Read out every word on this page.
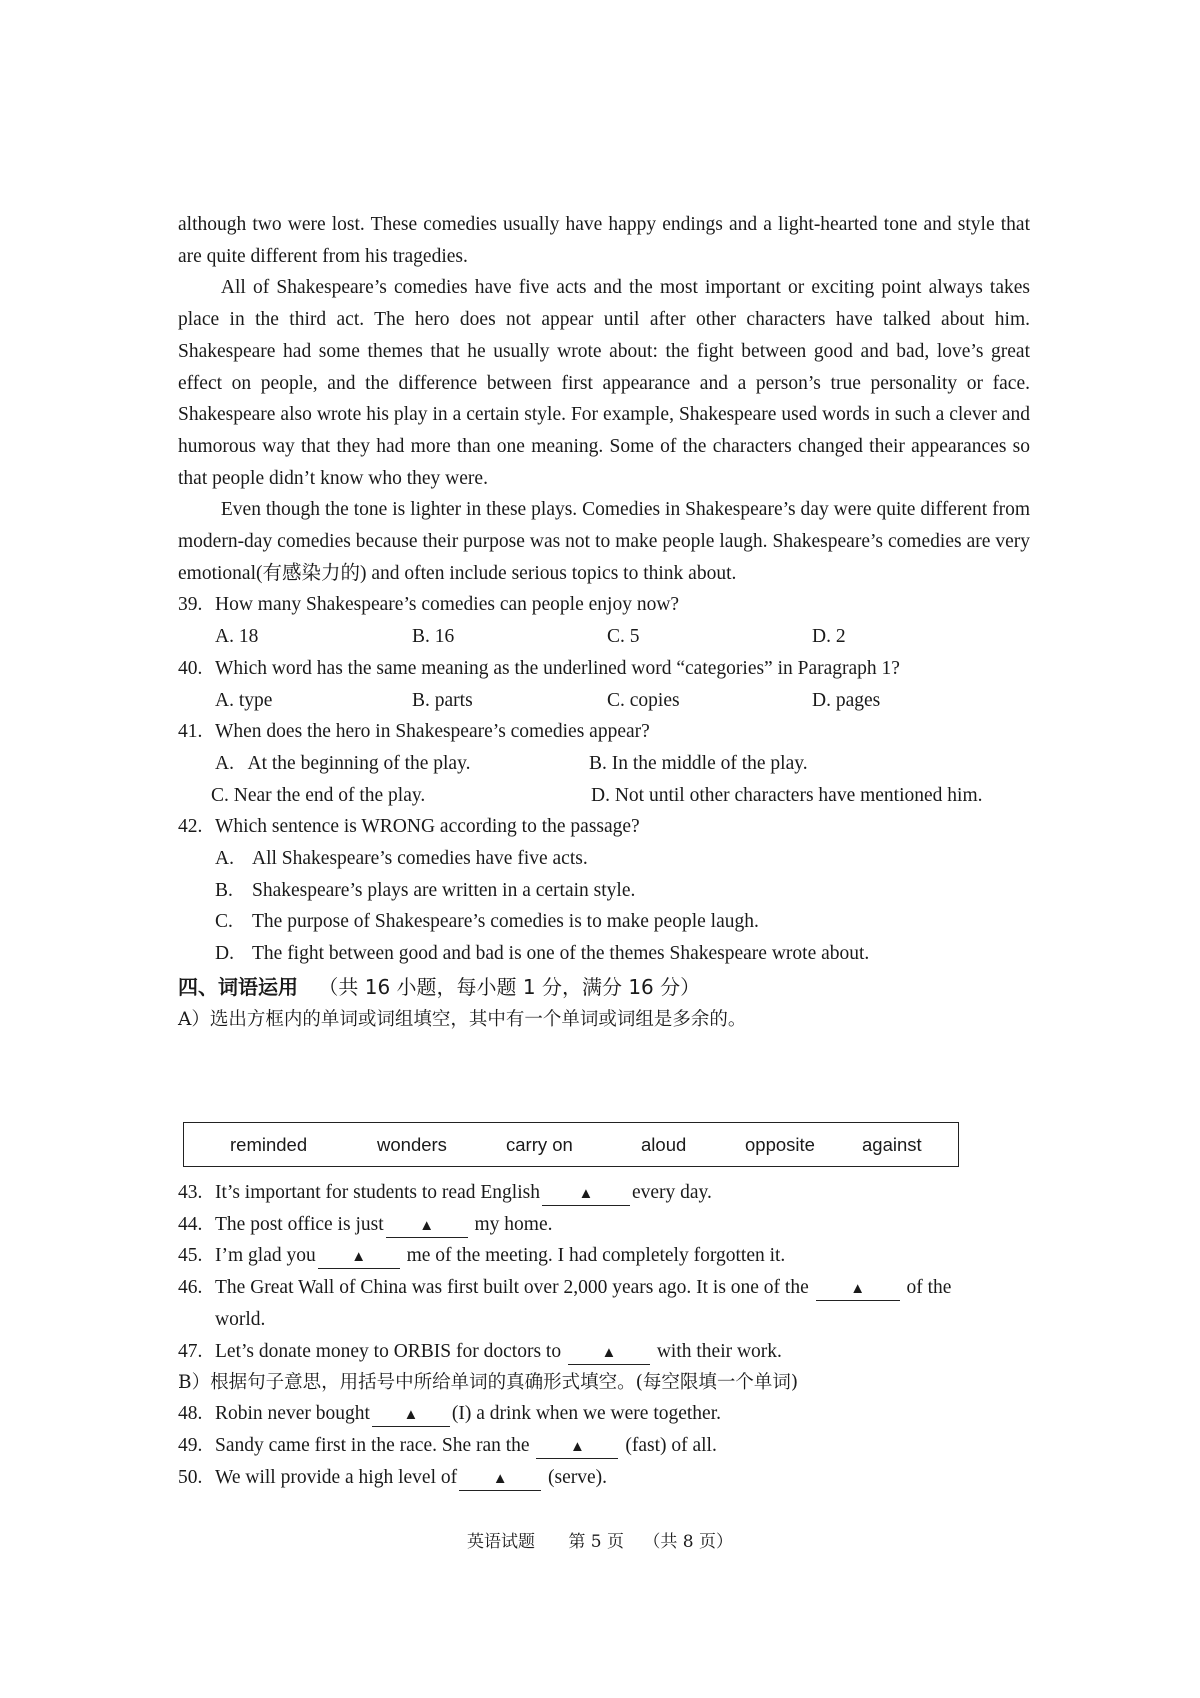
although two were lost. These comedies usually have happy endings and a light-hearted tone and style that are quite different from his tragedies.

All of Shakespeare’s comedies have five acts and the most important or exciting point always takes place in the third act. The hero does not appear until after other characters have talked about him. Shakespeare had some themes that he usually wrote about: the fight between good and bad, love’s great effect on people, and the difference between first appearance and a person’s true personality or face. Shakespeare also wrote his play in a certain style. For example, Shakespeare used words in such a clever and humorous way that they had more than one meaning. Some of the characters changed their appearances so that people didn’t know who they were.

Even though the tone is lighter in these plays. Comedies in Shakespeare’s day were quite different from modern-day comedies because their purpose was not to make people laugh. Shakespeare’s comedies are very emotional(有感染力的) and often include serious topics to think about.

39. How many Shakespeare’s comedies can people enjoy now?
A. 18	B. 16	C. 5	D. 2
40. Which word has the same meaning as the underlined word “categories” in Paragraph 1?
A. type	B. parts	C. copies	D. pages
41. When does the hero in Shakespeare’s comedies appear?
A.   At the beginning of the play.	B. In the middle of the play.
C. Near the end of the play.	D. Not until other characters have mentioned him.
42. Which sentence is WRONG according to the passage?
A. All Shakespeare’s comedies have five acts.
B. Shakespeare’s plays are written in a certain style.
C. The purpose of Shakespeare’s comedies is to make people laugh.
D. The fight between good and bad is one of the themes Shakespeare wrote about.

四、词语运用 （共 16 小题，每小题 1 分，满分 16 分）

A）选出方框内的单词或词组填空，其中有一个单词或词组是多余的。

reminded	wonders	carry on	aloud	opposite	against
43. It’s important for students to read English	▲ every day.
44. The post office is just ▲ my home.
45. I’m glad you ▲ me of the meeting. I had completely forgotten it.
46. The Great Wall of China was first built over 2,000 years ago. It is one of the ▲ of the
world.
47. Let’s donate money to ORBIS for doctors to ▲ with their work.

B）根据句子意思，用括号中所给单词的真确形式填空。(每空限填一个单词)

48. Robin never bought ▲ (I) a drink when we were together.
49. Sandy came first in the race. She ran the ▲ (fast) of all.
50. We will provide a high level of ▲ (serve).
英语试题 第 5 页 （共 8 页）
